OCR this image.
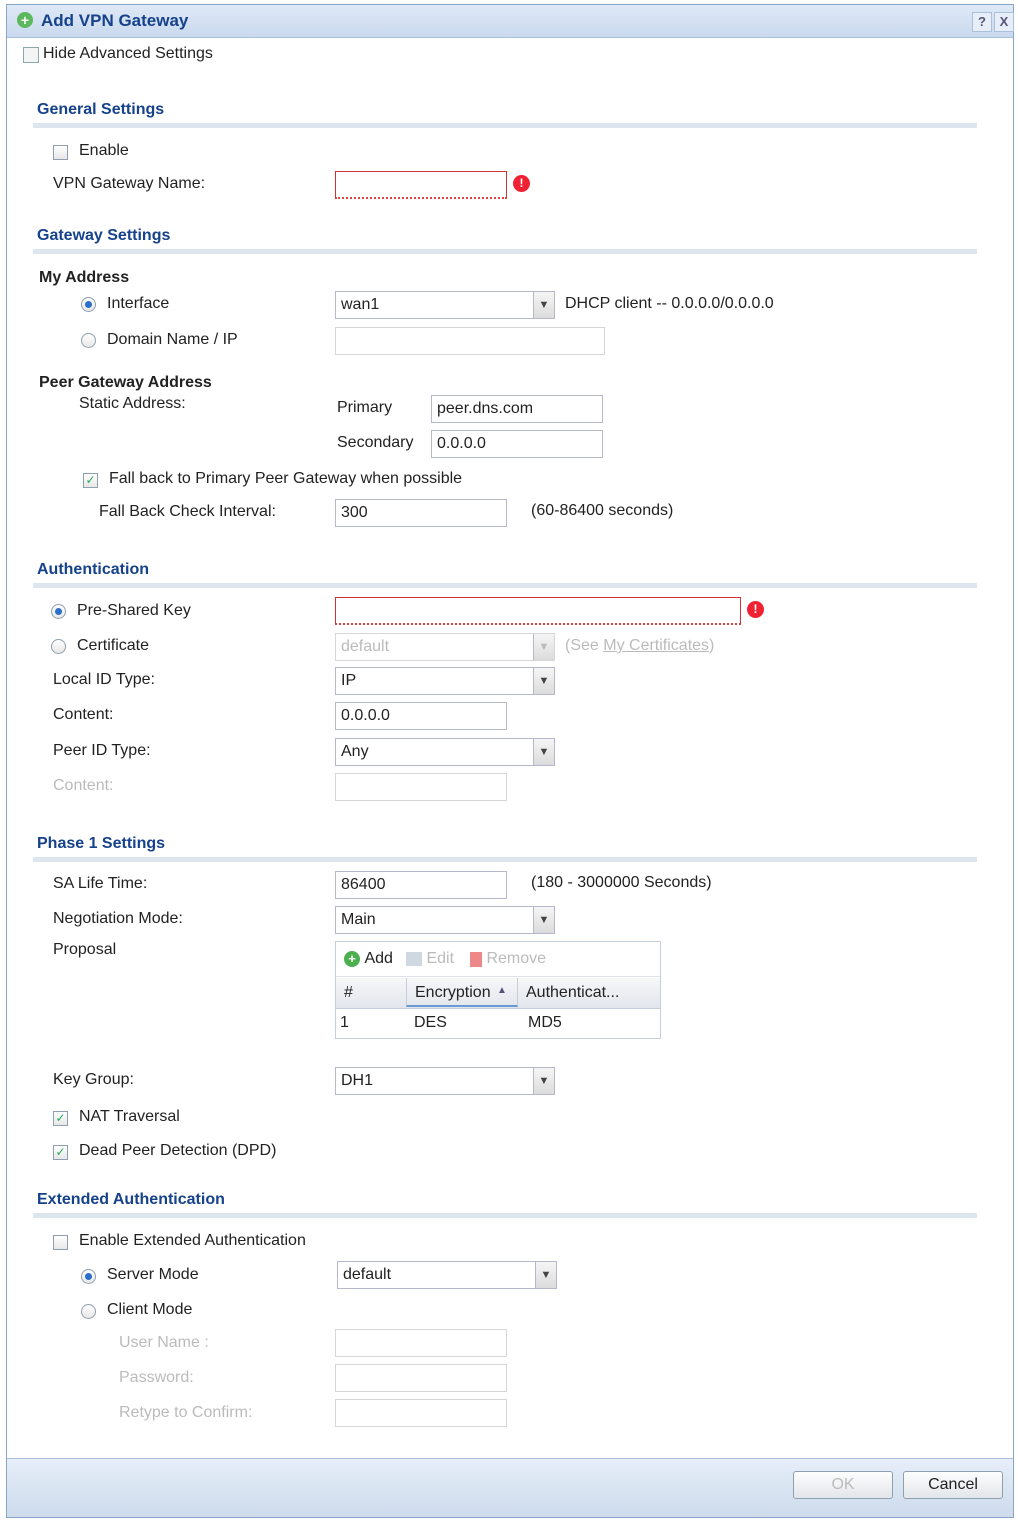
+ Add VPN Gateway	?	X
Hide Advanced Settings
General Settings
Enable
VPN Gateway Name:	!
Gateway Settings
My Address
Interface	wan1	▼ DHCP client -- 0.0.0.0/0.0.0.0
Domain Name / IP
Peer Gateway Address
Static Address:	Primary	peer.dns.com
Secondary	0.0.0.0
✓ Fall back to Primary Peer Gateway when possible
Fall Back Check Interval:	300	(60-86400 seconds)
Authentication
Pre-Shared Key	!
Certificate	default	▼ (See My Certificates)
Local ID Type:	IP	▼
Content:	0.0.0.0
Peer ID Type:	Any	▼
Content:
Phase 1 Settings
SA Life Time:	86400	(180 - 3000000 Seconds)
Negotiation Mode:	Main	▼
Proposal
+ Add	Edit	Remove
#	Encryption ▲ Authenticat...
1	DES	MD5
Key Group:	DH1	▼
✓ NAT Traversal
✓ Dead Peer Detection (DPD)
Extended Authentication
Enable Extended Authentication
Server Mode	default	▼
Client Mode
User Name :
Password:
Retype to Confirm:
OK	Cancel
